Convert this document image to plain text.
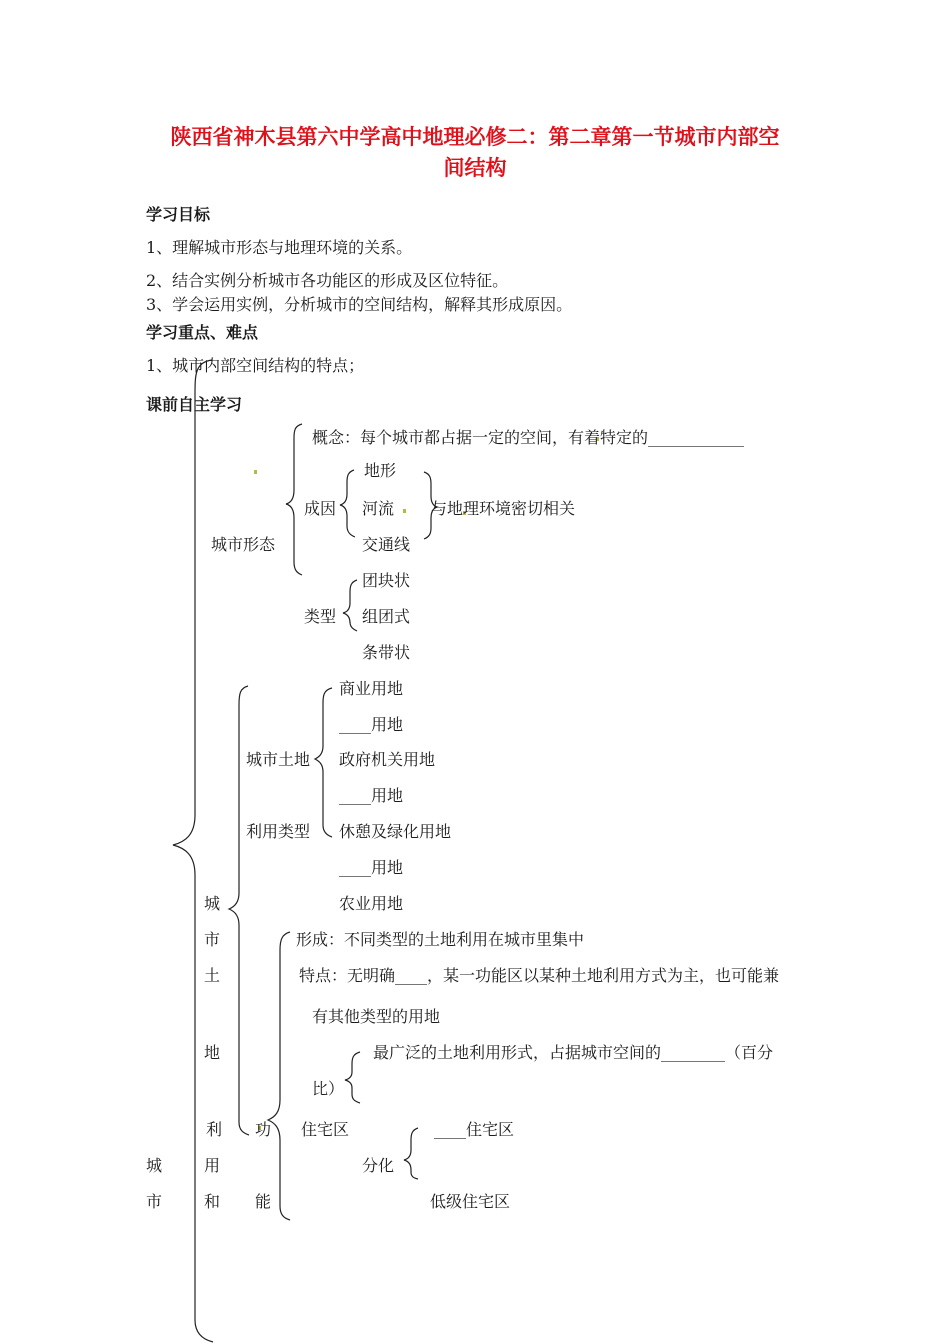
陕西省神木县第六中学高中地理必修二：第二章第一节城市内部空
间结构
学习目标
1、理解城市形态与地理环境的关系。
2、结合实例分析城市各功能区的形成及区位特征。
3、学会运用实例，分析城市的空间结构，解释其形成原因。
学习重点、难点
1、城市内部空间结构的特点；
课前自主学习
城市形态
概念：每个城市都占据一定的空间，有着特定的____________
成因
地形
河流
交通线
与地理环境密切相关
类型
团块状
组团式
条带状
城市土地
利用类型
商业用地
____用地
政府机关用地
____用地
休憩及绿化用地
____用地
农业用地
城
市
城
市
土
地
利
用
和
功
能
形成：不同类型的土地利用在城市里集中
特点：无明确____，某一功能区以某种土地利用方式为主，也可能兼
有其他类型的用地
最广泛的土地利用形式，占据城市空间的________（百分
比）
住宅区
分化
____住宅区
低级住宅区
